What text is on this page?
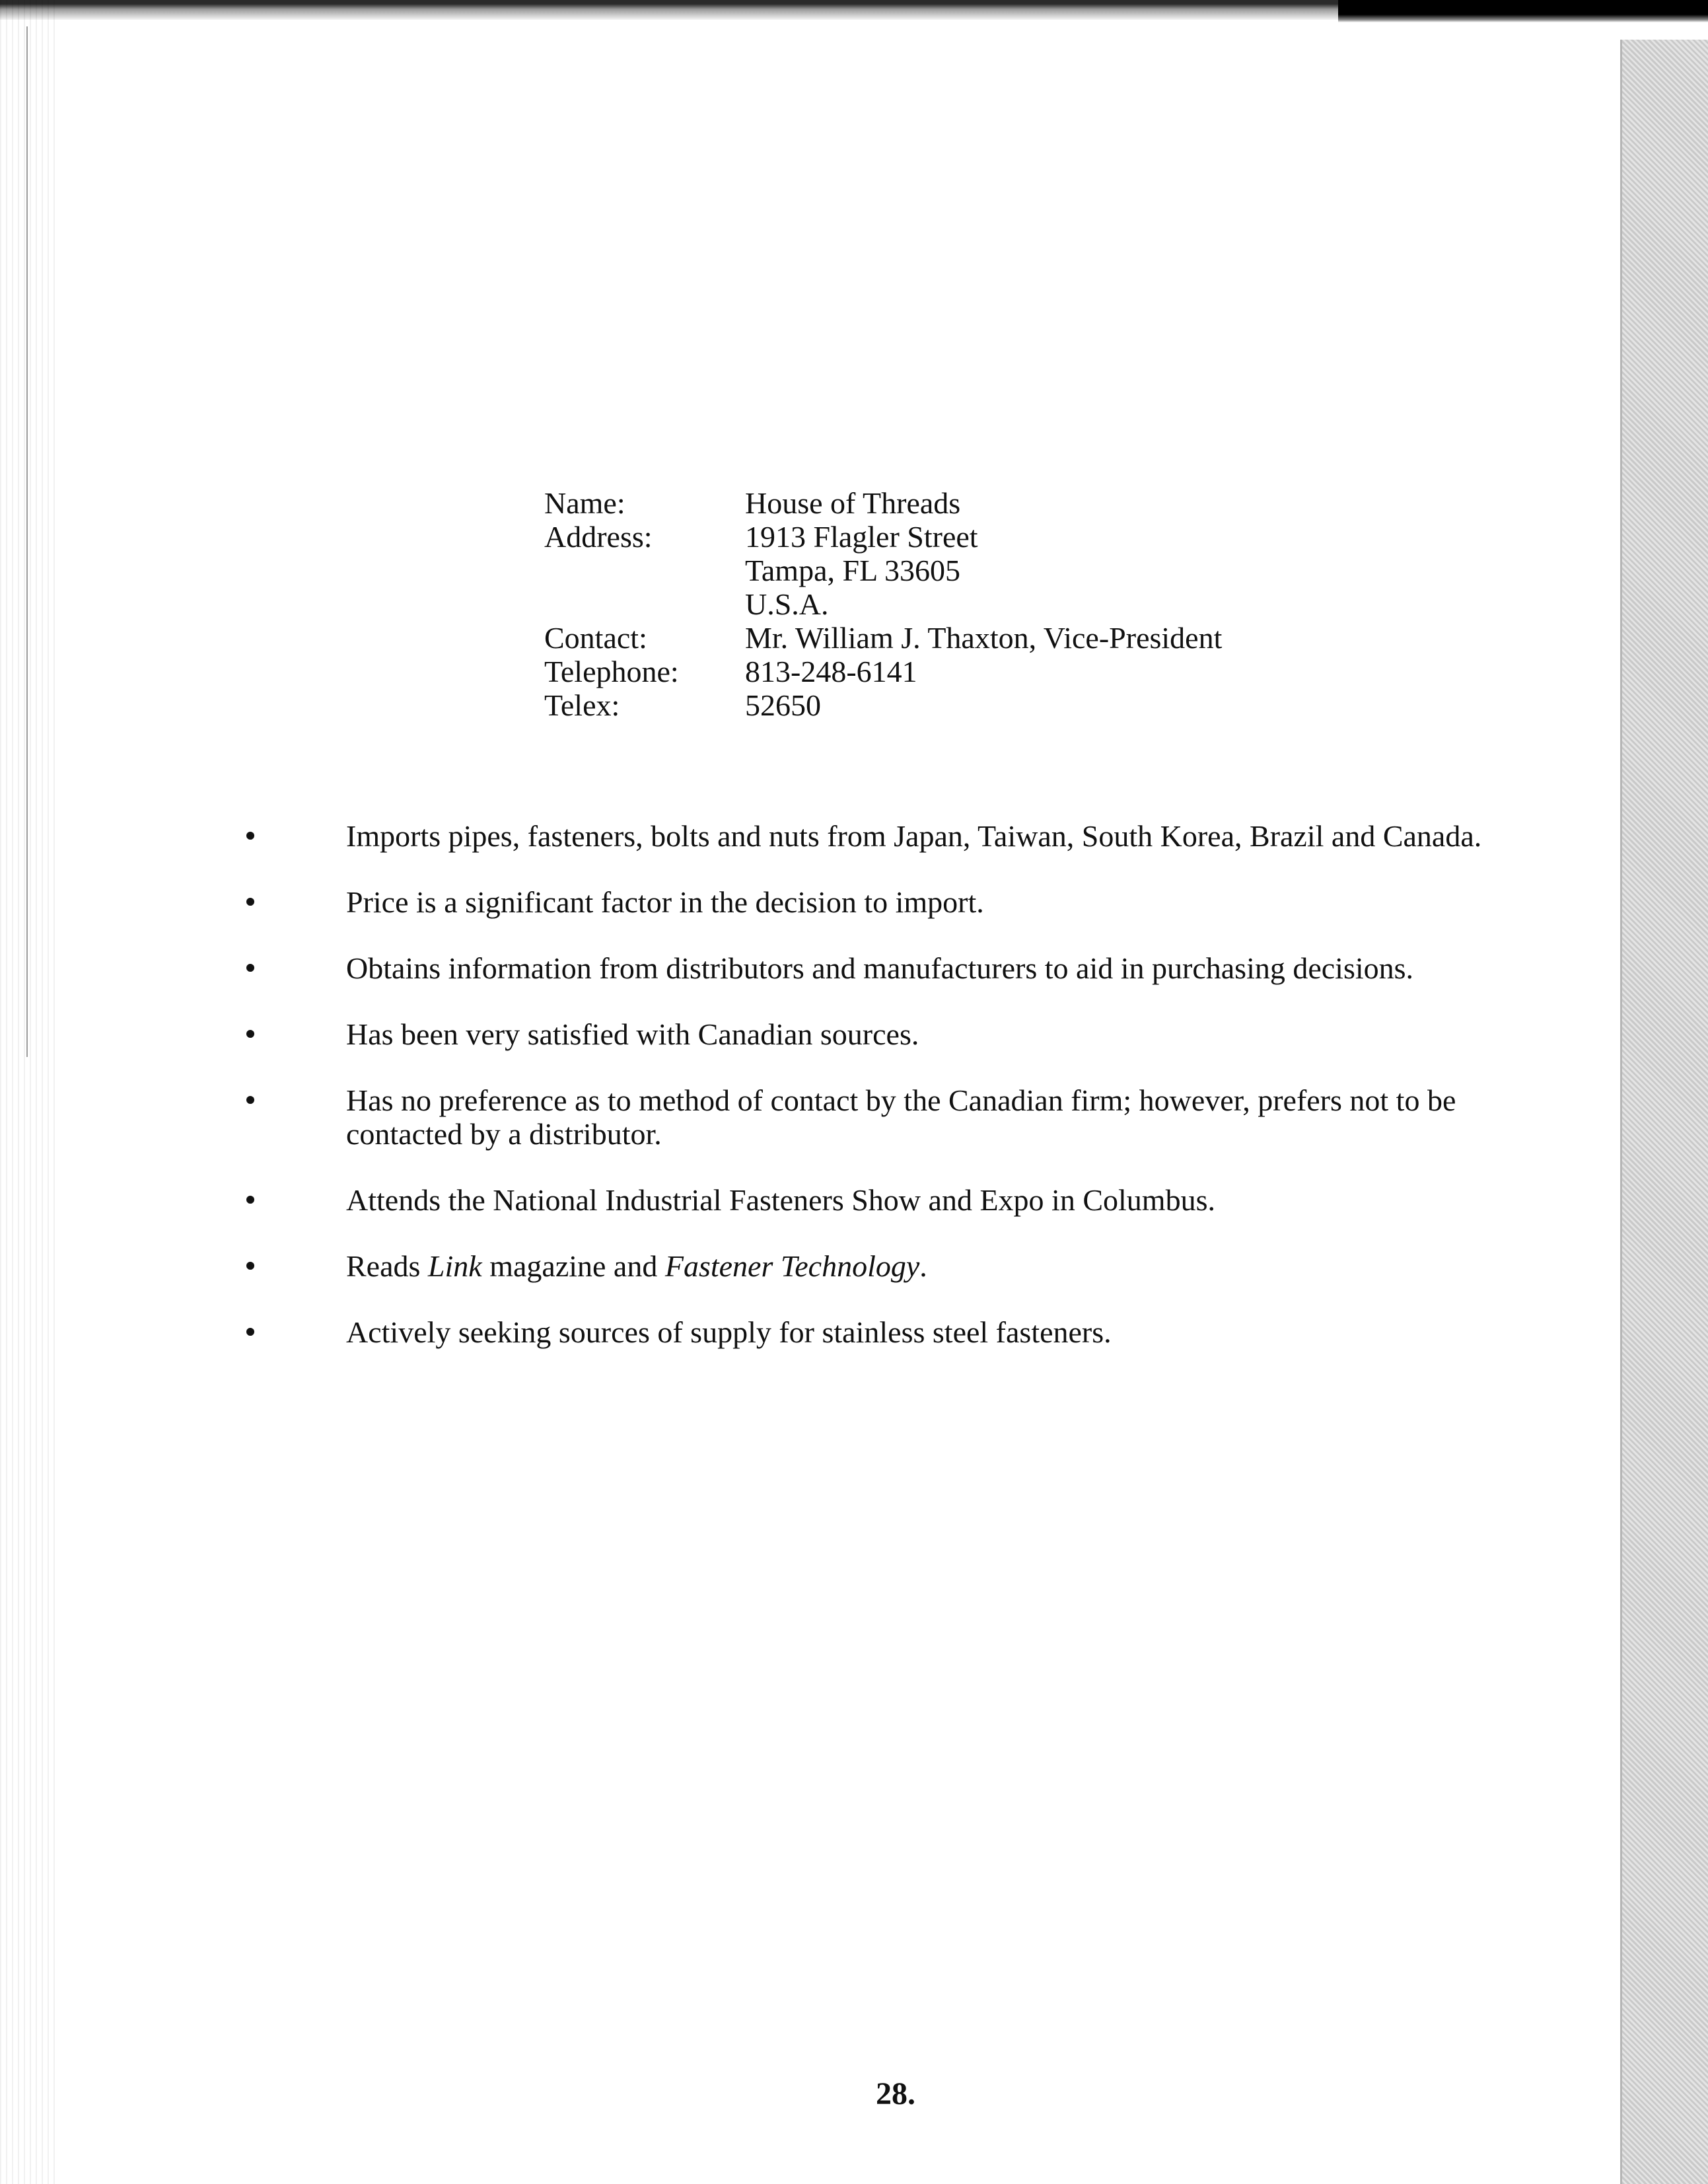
Name:	House of Threads
Address:	1913 Flagler Street
Tampa, FL 33605
U.S.A.
Contact:	Mr. William J. Thaxton, Vice-President
Telephone:	813-248-6141
Telex:	52650
Imports pipes, fasteners, bolts and nuts from Japan, Taiwan, South Korea, Brazil and Canada.
Price is a significant factor in the decision to import.
Obtains information from distributors and manufacturers to aid in purchasing decisions.
Has been very satisfied with Canadian sources.
Has no preference as to method of contact by the Canadian firm; however, prefers not to be contacted by a distributor.
Attends the National Industrial Fasteners Show and Expo in Columbus.
Reads Link magazine and Fastener Technology.
Actively seeking sources of supply for stainless steel fasteners.
28.
